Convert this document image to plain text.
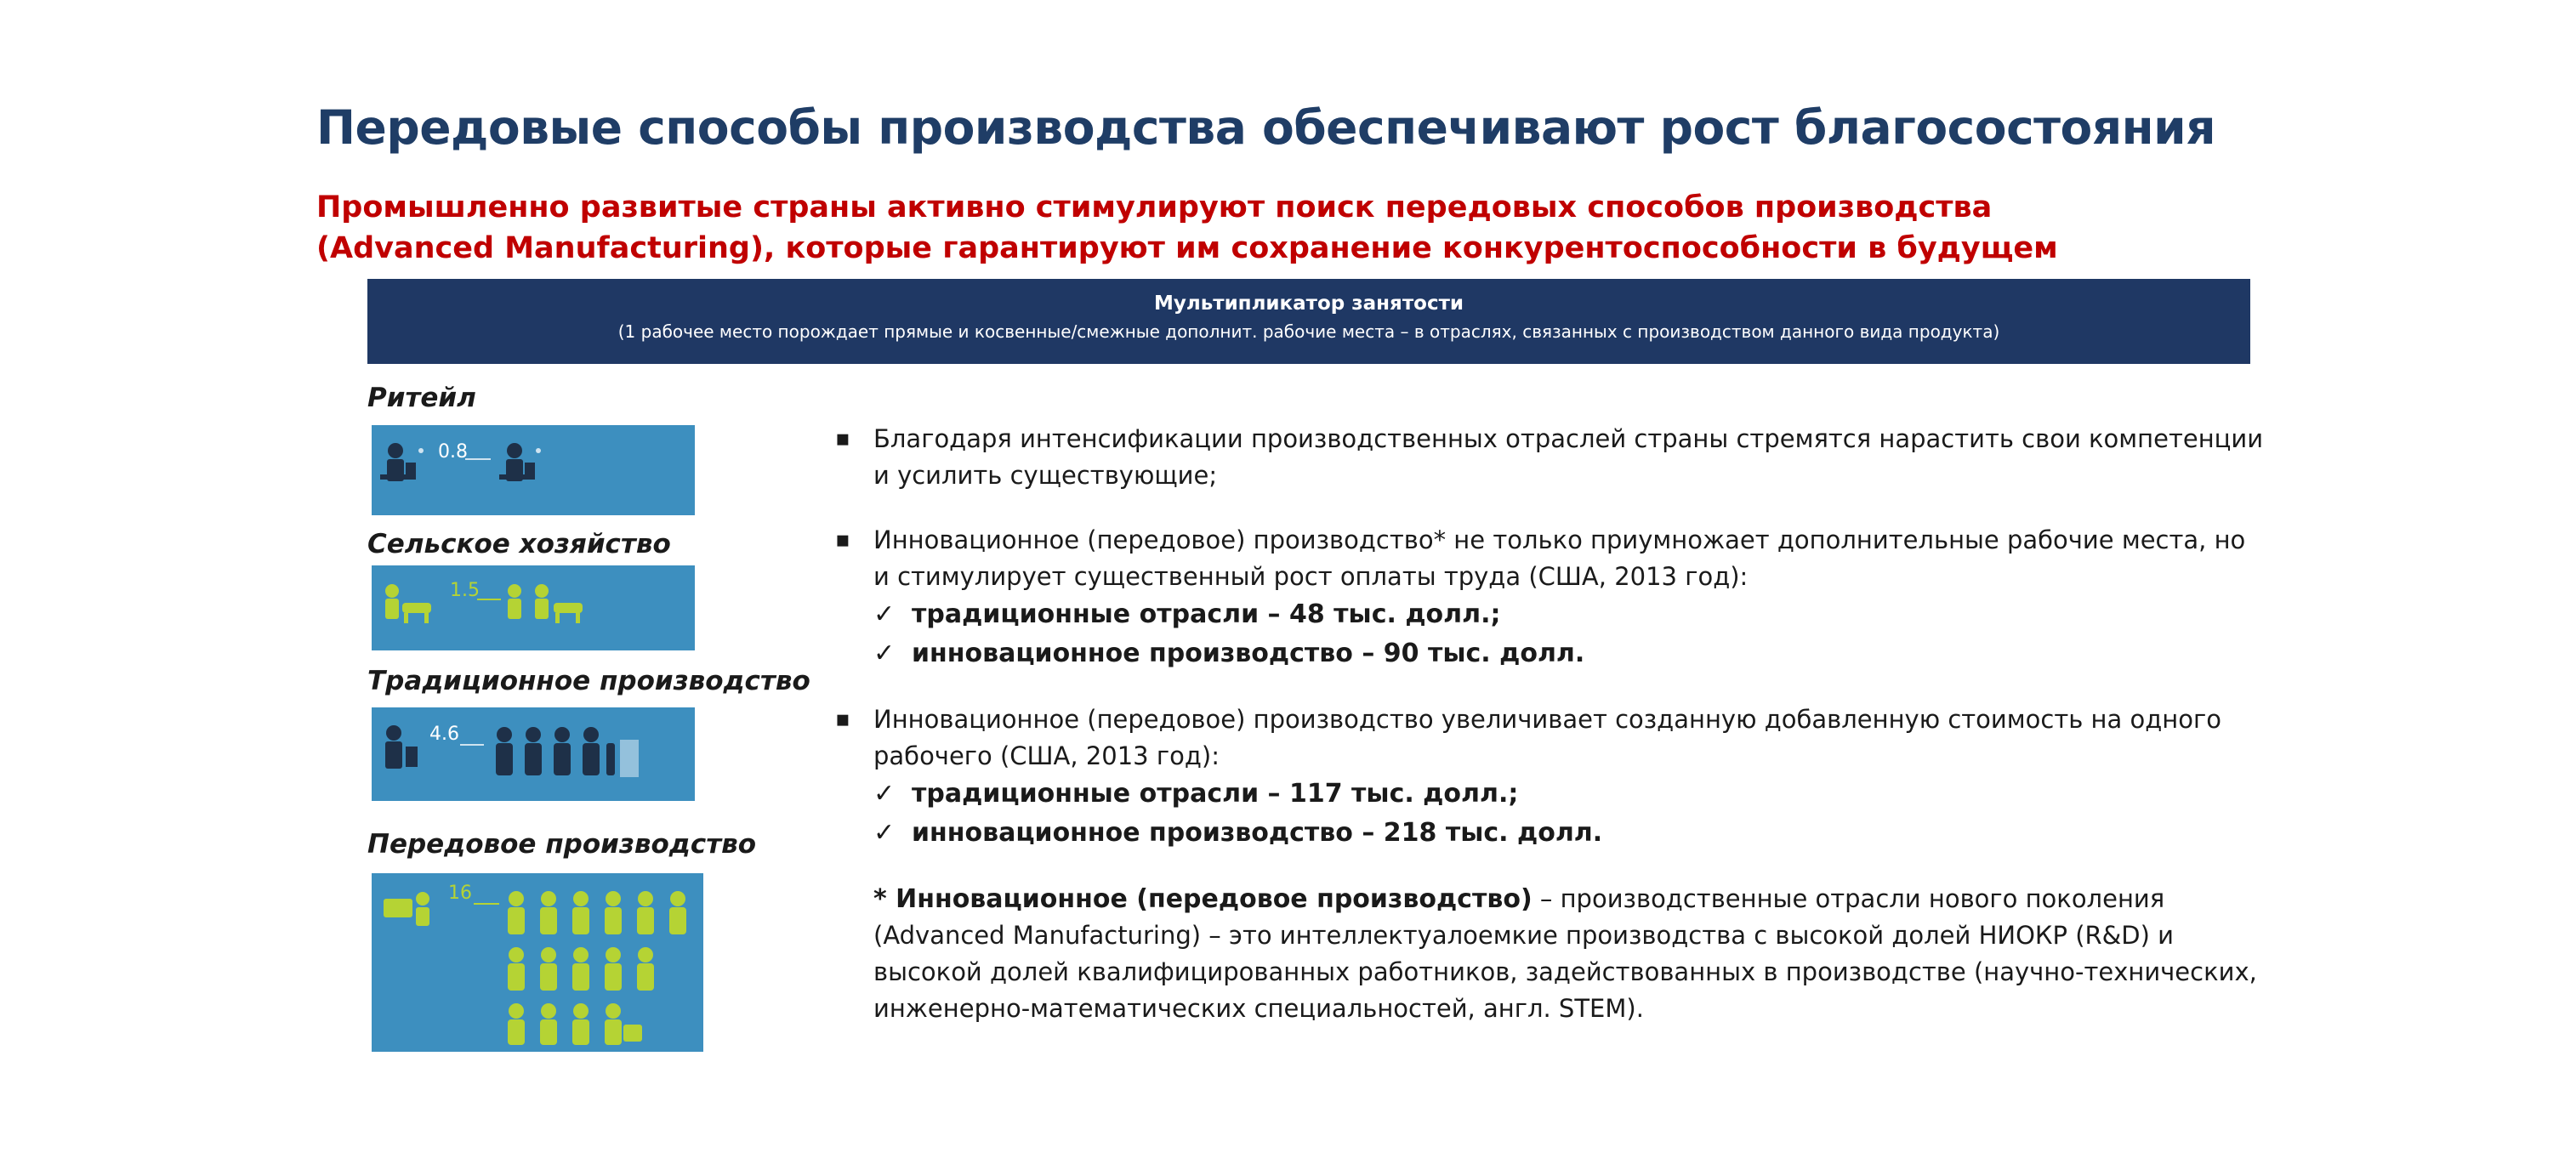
Передовые способы производства обеспечивают рост благосостояния
Промышленно развитые страны активно стимулируют поиск передовых способов производства
(Advanced Manufacturing), которые гарантируют им сохранение конкурентоспособности в будущем
Мультипликатор занятости
(1 рабочее место порождает прямые и косвенные/смежные дополнит. рабочие места – в отраслях, связанных с производством данного вида продукта)
Ритейл
0.8
Сельское хозяйство
1.5
Традиционное производство
4.6
Передовое производство
16
▪ Благодаря интенсификации производственных отраслей страны стремятся нарастить свои компетенции и усилить существующие;
▪ Инновационное (передовое) производство* не только приумножает дополнительные рабочие места, но и стимулирует существенный рост оплаты труда (США, 2013 год):
✓ традиционные отрасли – 48 тыс. долл.;
✓ инновационное производство – 90 тыс. долл.
▪ Инновационное (передовое) производство увеличивает созданную добавленную стоимость на одного рабочего (США, 2013 год):
✓ традиционные отрасли – 117 тыс. долл.;
✓ инновационное производство – 218 тыс. долл.
* Инновационное (передовое производство) – производственные отрасли нового поколения (Advanced Manufacturing) – это интеллектуалоемкие производства с высокой долей НИОКР (R&D) и высокой долей квалифицированных работников, задействованных в производстве (научно-технических, инженерно-математических специальностей, англ. STEM).
